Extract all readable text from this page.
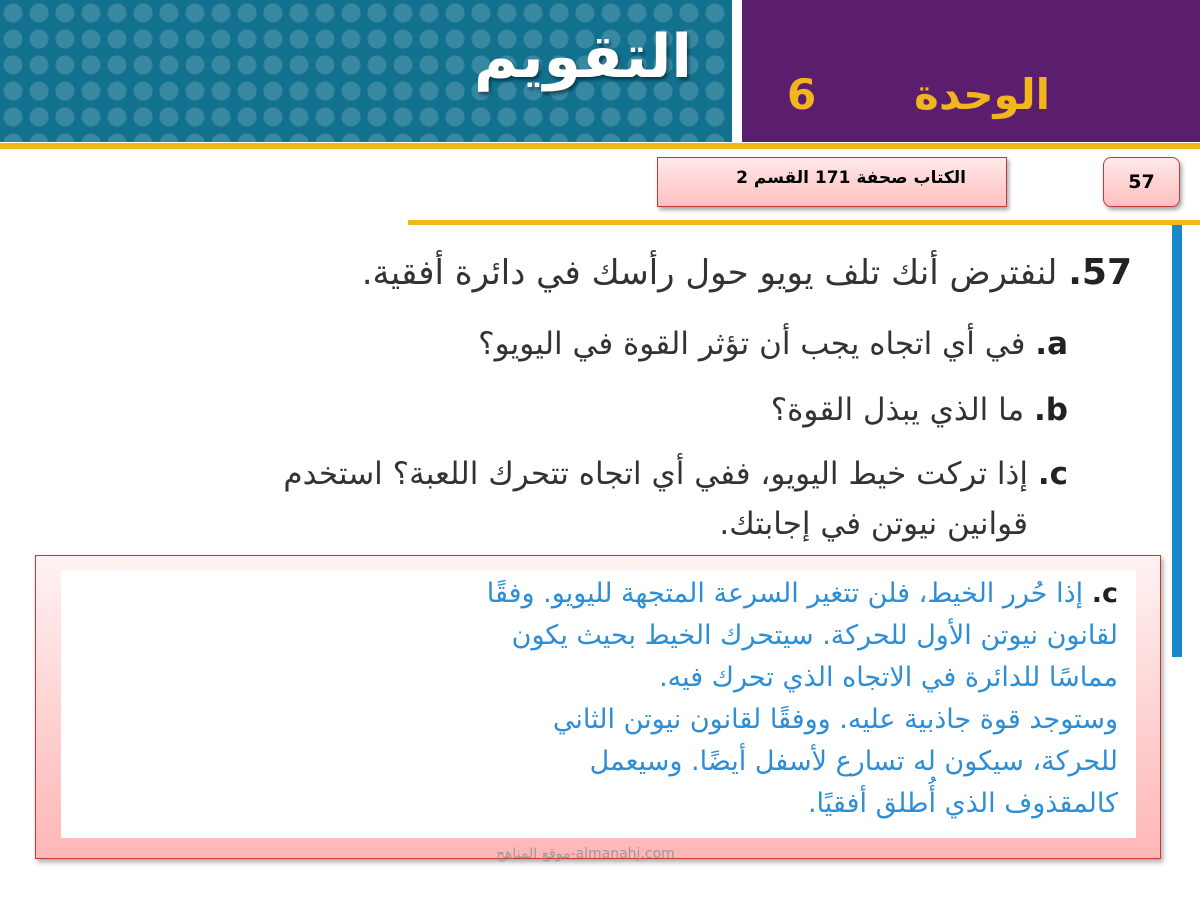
التقويم
الوحدة
6
الكتاب صحفة 171 القسم 2	57
57. لنفترض أنك تلف يويو حول رأسك في دائرة أفقية.
a. في أي اتجاه يجب أن تؤثر القوة في اليويو؟
b. ما الذي يبذل القوة؟
c. إذا تركت خيط اليويو، ففي أي اتجاه تتحرك اللعبة؟ استخدم
قوانين نيوتن في إجابتك.
c. إذا حُرر الخيط، فلن تتغير السرعة المتجهة لليويو. وفقًا
لقانون نيوتن الأول للحركة. سيتحرك الخيط بحيث يكون
مماسًا للدائرة في الاتجاه الذي تحرك فيه.
وستوجد قوة جاذبية عليه. ووفقًا لقانون نيوتن الثاني
للحركة، سيكون له تسارع لأسفل أيضًا. وسيعمل
كالمقذوف الذي أُطلق أفقيًا.
موقع المناهج-almanahj.com
